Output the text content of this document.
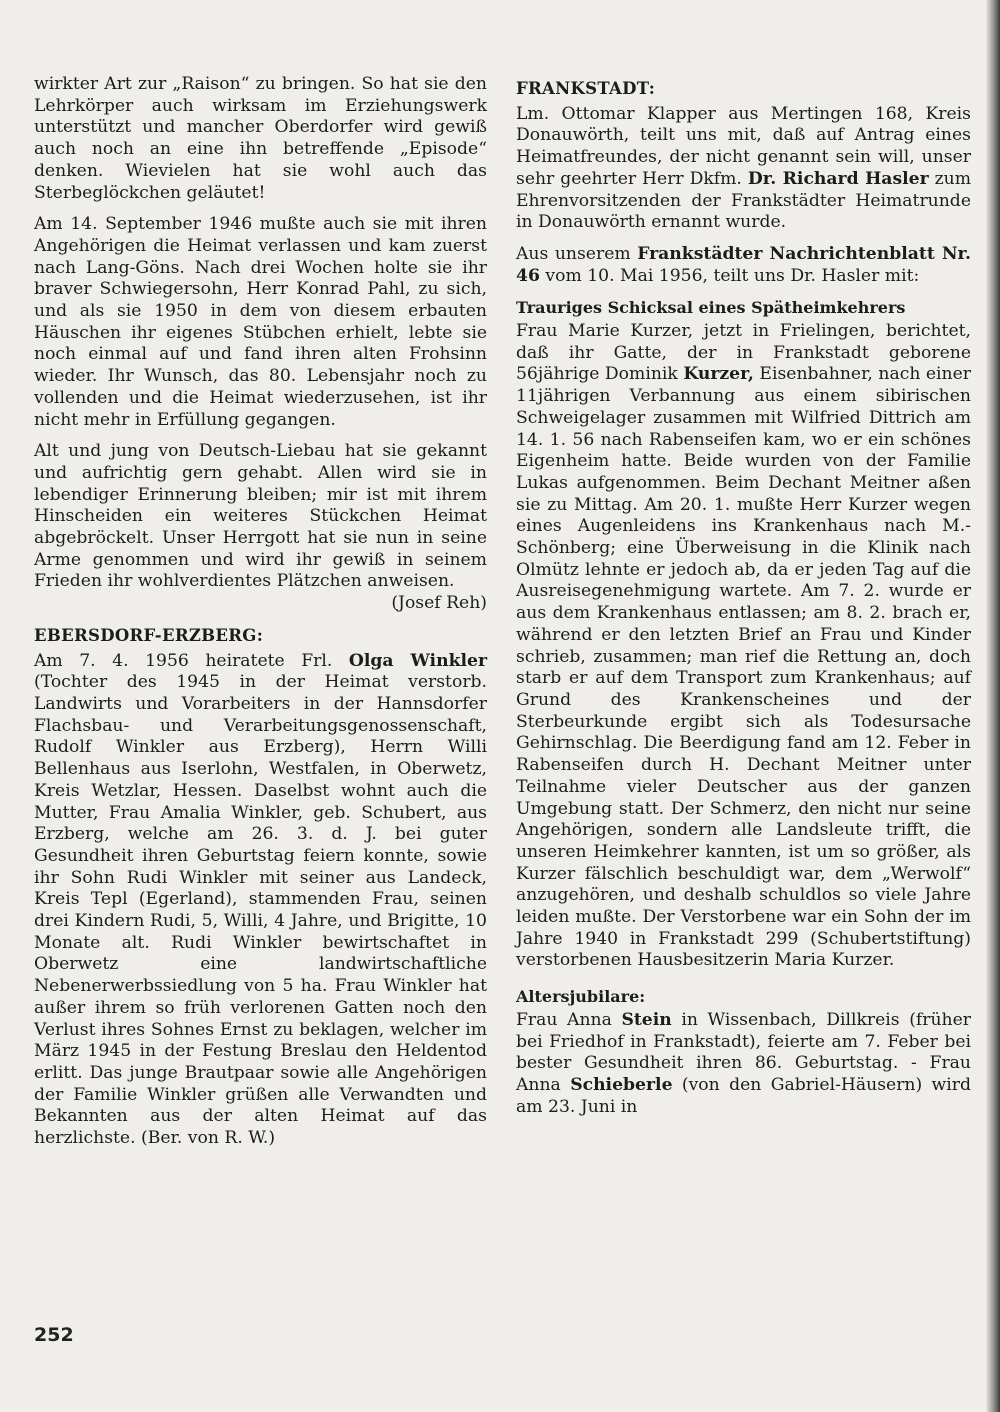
wirkter Art zur „Raison“ zu bringen. So hat sie den Lehrkörper auch wirksam im Erziehungswerk unterstützt und mancher Oberdorfer wird gewiß auch noch an eine ihn betreffende „Episode“ denken. Wievielen hat sie wohl auch das Sterbeglöckchen geläutet!

Am 14. September 1946 mußte auch sie mit ihren Angehörigen die Heimat verlassen und kam zuerst nach Lang-Göns. Nach drei Wochen holte sie ihr braver Schwiegersohn, Herr Konrad Pahl, zu sich, und als sie 1950 in dem von diesem erbauten Häuschen ihr eigenes Stübchen erhielt, lebte sie noch einmal auf und fand ihren alten Frohsinn wieder. Ihr Wunsch, das 80. Lebensjahr noch zu vollenden und die Heimat wiederzusehen, ist ihr nicht mehr in Erfüllung gegangen.

Alt und jung von Deutsch-Liebau hat sie gekannt und aufrichtig gern gehabt. Allen wird sie in lebendiger Erinnerung bleiben; mir ist mit ihrem Hinscheiden ein weiteres Stückchen Heimat abgebröckelt. Unser Herrgott hat sie nun in seine Arme genommen und wird ihr gewiß in seinem Frieden ihr wohlverdientes Plätzchen anweisen.
(Josef Reh)

EBERSDORF-ERZBERG:

Am 7. 4. 1956 heiratete Frl. Olga Winkler (Tochter des 1945 in der Heimat verstorb. Landwirts und Vorarbeiters in der Hannsdorfer Flachsbau- und Verarbeitungsgenossenschaft, Rudolf Winkler aus Erzberg), Herrn Willi Bellenhaus aus Iserlohn, Westfalen, in Oberwetz, Kreis Wetzlar, Hessen. Daselbst wohnt auch die Mutter, Frau Amalia Winkler, geb. Schubert, aus Erzberg, welche am 26. 3. d. J. bei guter Gesundheit ihren Geburtstag feiern konnte, sowie ihr Sohn Rudi Winkler mit seiner aus Landeck, Kreis Tepl (Egerland), stammenden Frau, seinen drei Kindern Rudi, 5, Willi, 4 Jahre, und Brigitte, 10 Monate alt. Rudi Winkler bewirtschaftet in Oberwetz eine landwirtschaftliche Nebenerwerbssiedlung von 5 ha. Frau Winkler hat außer ihrem so früh verlorenen Gatten noch den Verlust ihres Sohnes Ernst zu beklagen, welcher im März 1945 in der Festung Breslau den Heldentod erlitt. Das junge Brautpaar sowie alle Angehörigen der Familie Winkler grüßen alle Verwandten und Bekannten aus der alten Heimat auf das herzlichste. (Ber. von R. W.)

FRANKSTADT:

Lm. Ottomar Klapper aus Mertingen 168, Kreis Donauwörth, teilt uns mit, daß auf Antrag eines Heimatfreundes, der nicht genannt sein will, unser sehr geehrter Herr Dkfm. Dr. Richard Hasler zum Ehrenvorsitzenden der Frankstädter Heimatrunde in Donauwörth ernannt wurde.

Aus unserem Frankstädter Nachrichtenblatt Nr. 46 vom 10. Mai 1956, teilt uns Dr. Hasler mit:

Trauriges Schicksal eines Spätheimkehrers

Frau Marie Kurzer, jetzt in Frielingen, berichtet, daß ihr Gatte, der in Frankstadt geborene 56jährige Dominik Kurzer, Eisenbahner, nach einer 11jährigen Verbannung aus einem sibirischen Schweigelager zusammen mit Wilfried Dittrich am 14. 1. 56 nach Rabenseifen kam, wo er ein schönes Eigenheim hatte. Beide wurden von der Familie Lukas aufgenommen. Beim Dechant Meitner aßen sie zu Mittag. Am 20. 1. mußte Herr Kurzer wegen eines Augenleidens ins Krankenhaus nach M.-Schönberg; eine Überweisung in die Klinik nach Olmütz lehnte er jedoch ab, da er jeden Tag auf die Ausreisegenehmigung wartete. Am 7. 2. wurde er aus dem Krankenhaus entlassen; am 8. 2. brach er, während er den letzten Brief an Frau und Kinder schrieb, zusammen; man rief die Rettung an, doch starb er auf dem Transport zum Krankenhaus; auf Grund des Krankenscheines und der Sterbeurkunde ergibt sich als Todesursache Gehirnschlag. Die Beerdigung fand am 12. Feber in Rabenseifen durch H. Dechant Meitner unter Teilnahme vieler Deutscher aus der ganzen Umgebung statt. Der Schmerz, den nicht nur seine Angehörigen, sondern alle Landsleute trifft, die unseren Heimkehrer kannten, ist um so größer, als Kurzer fälschlich beschuldigt war, dem „Werwolf“ anzugehören, und deshalb schuldlos so viele Jahre leiden mußte. Der Verstorbene war ein Sohn der im Jahre 1940 in Frankstadt 299 (Schubertstiftung) verstorbenen Hausbesitzerin Maria Kurzer.

Altersjubilare:

Frau Anna Stein in Wissenbach, Dillkreis (früher bei Friedhof in Frankstadt), feierte am 7. Feber bei bester Gesundheit ihren 86. Geburtstag. - Frau Anna Schieberle (von den Gabriel-Häusern) wird am 23. Juni in

252
